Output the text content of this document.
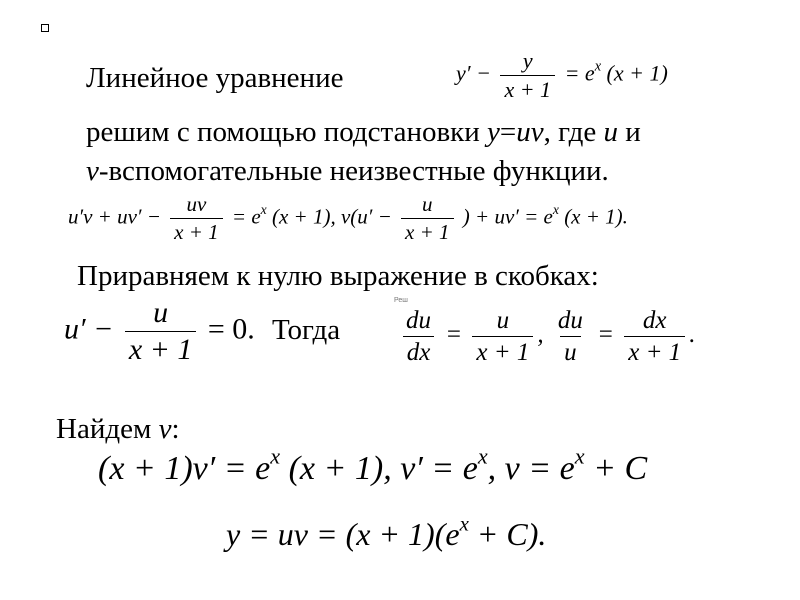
Линейное уравнение	$y' - \frac{y}{x + 1} = e^x$ (x + 1)
решим с помощью подстановки y=uv, где u и
v-вспомогательные неизвестные функции.
$u'v + uv' - \frac{uv}{x + 1} = e^x$ (x + 1), $v(u' - \frac{u}{x + 1}$ ) + $uv' = e^x$ (x + 1).
Приравняем к нулю выражение в скобках:
Реш
$u' - \frac{u}{x + 1} = 0$. Тогда $\frac{du}{dx} = \frac{u}{x + 1}$ , $\frac{du}{u} = \frac{dx}{x + 1}$ .
Найдем v:
$(x + 1)v' = e^x$ (x + 1), $v' = e^x$, $v = e^x + C$
y = uv = $(x + 1)(e^x + C)$.
